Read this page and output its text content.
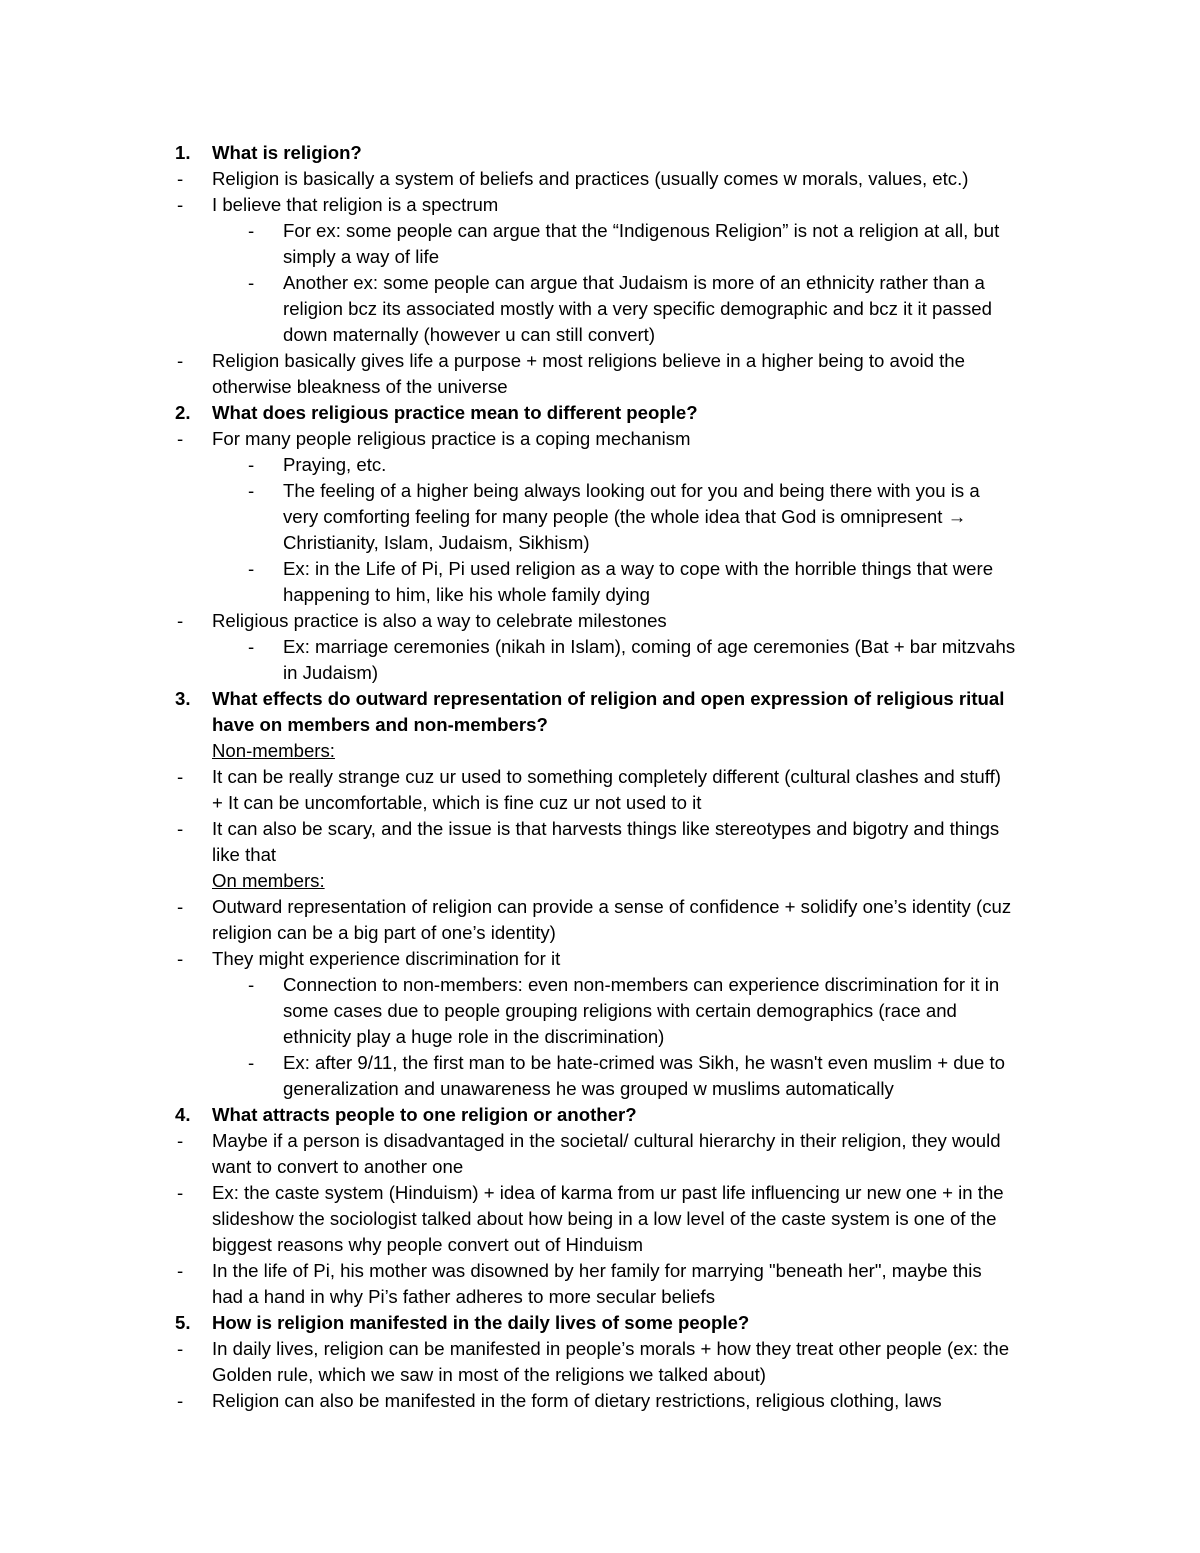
1. What is religion?
- Religion is basically a system of beliefs and practices (usually comes w morals, values, etc.)
- I believe that religion is a spectrum
- For ex: some people can argue that the “Indigenous Religion” is not a religion at all, but
simply a way of life
- Another ex: some people can argue that Judaism is more of an ethnicity rather than a
religion bcz its associated mostly with a very specific demographic and bcz it it passed
down maternally (however u can still convert)
- Religion basically gives life a purpose + most religions believe in a higher being to avoid the
otherwise bleakness of the universe
2. What does religious practice mean to different people?
- For many people religious practice is a coping mechanism
- Praying, etc.
- The feeling of a higher being always looking out for you and being there with you is a
very comforting feeling for many people (the whole idea that God is omnipresent →
Christianity, Islam, Judaism, Sikhism)
- Ex: in the Life of Pi, Pi used religion as a way to cope with the horrible things that were
happening to him, like his whole family dying
- Religious practice is also a way to celebrate milestones
- Ex: marriage ceremonies (nikah in Islam), coming of age ceremonies (Bat + bar mitzvahs
in Judaism)
3. What effects do outward representation of religion and open expression of religious ritual
have on members and non-members?
Non-members:
- It can be really strange cuz ur used to something completely different (cultural clashes and stuff)
+ It can be uncomfortable, which is fine cuz ur not used to it
- It can also be scary, and the issue is that harvests things like stereotypes and bigotry and things
like that
On members:
- Outward representation of religion can provide a sense of confidence + solidify one’s identity (cuz
religion can be a big part of one’s identity)
- They might experience discrimination for it
- Connection to non-members: even non-members can experience discrimination for it in
some cases due to people grouping religions with certain demographics (race and
ethnicity play a huge role in the discrimination)
- Ex: after 9/11, the first man to be hate-crimed was Sikh, he wasn't even muslim + due to
generalization and unawareness he was grouped w muslims automatically
4. What attracts people to one religion or another?
- Maybe if a person is disadvantaged in the societal/ cultural hierarchy in their religion, they would
want to convert to another one
- Ex: the caste system (Hinduism) + idea of karma from ur past life influencing ur new one + in the
slideshow the sociologist talked about how being in a low level of the caste system is one of the
biggest reasons why people convert out of Hinduism
- In the life of Pi, his mother was disowned by her family for marrying "beneath her", maybe this
had a hand in why Pi’s father adheres to more secular beliefs
5. How is religion manifested in the daily lives of some people?
- In daily lives, religion can be manifested in people’s morals + how they treat other people (ex: the
Golden rule, which we saw in most of the religions we talked about)
- Religion can also be manifested in the form of dietary restrictions, religious clothing, laws
